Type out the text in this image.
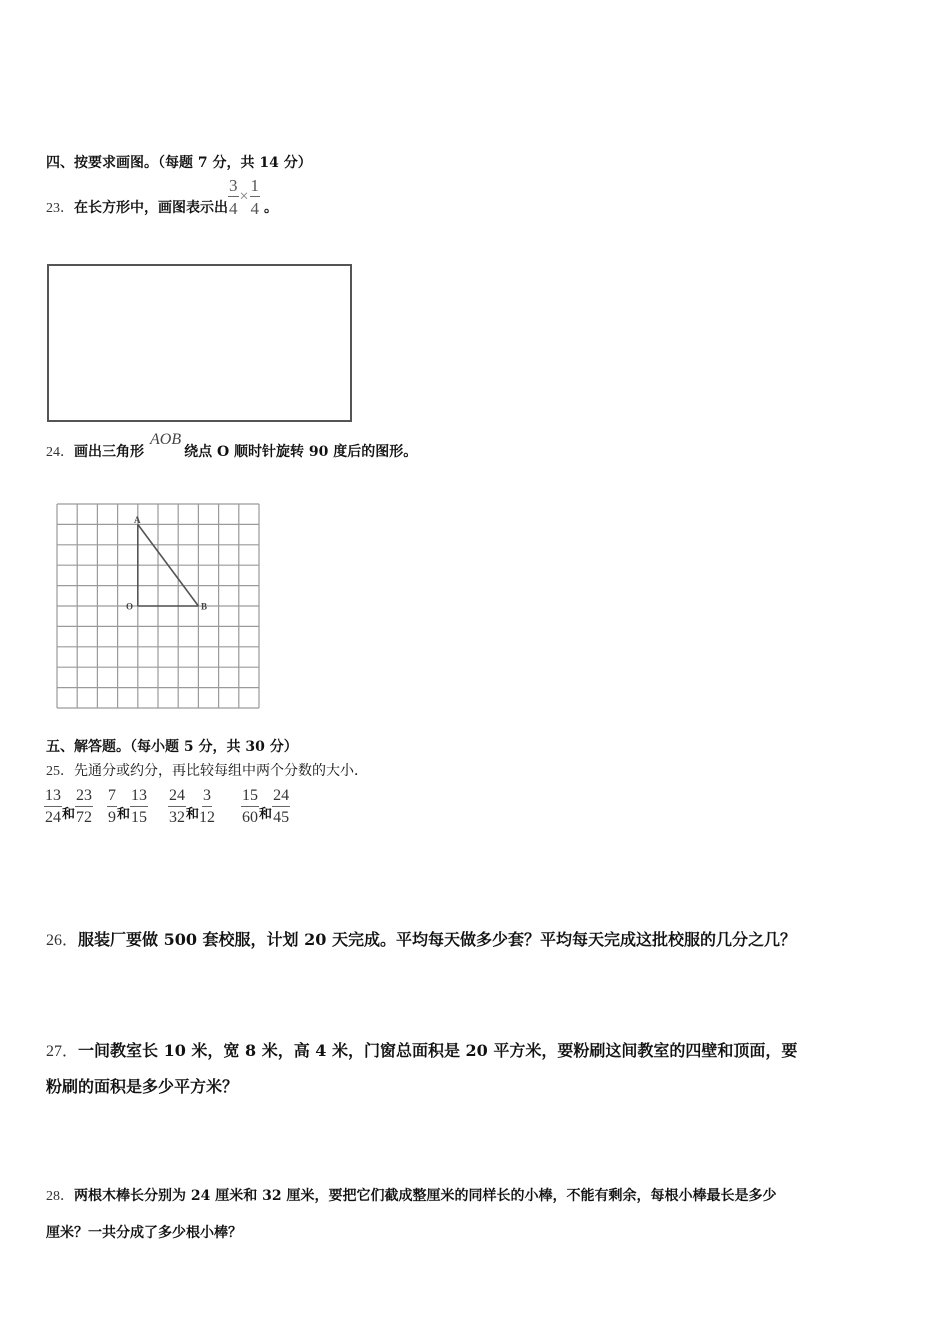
四、按要求画图。（每题 7 分，共 14 分）
23． 在长方形中，画图表示出 $\frac{3}{4} \times \frac{1}{4}$ 。
24． 画出三角形
AOB
绕点 O 顺时针旋转 90 度后的图形。
A
O	B
五、解答题。（每小题 5 分，共 30 分）
25．先通分或约分，再比较每组中两个分数的大小．
$\frac{13}{24}$ 和 $\frac{23}{72} \frac{7}{9}$ 和 $\frac{13}{15} \frac{24}{32}$ 和 $\frac{3}{12} \frac{15}{60}$ 和 $\frac{24}{45}$
26．服装厂要做 500 套校服，计划 20 天完成。平均每天做多少套？平均每天完成这批校服的几分之几？
27．一间教室长 10 米，宽 8 米，高 4 米，门窗总面积是 20 平方米，要粉刷这间教室的四壁和顶面，要
粉刷的面积是多少平方米？
28．两根木棒长分别为 24 厘米和 32 厘米，要把它们截成整厘米的同样长的小棒，不能有剩余，每根小棒最长是多少
厘米？一共分成了多少根小棒？
